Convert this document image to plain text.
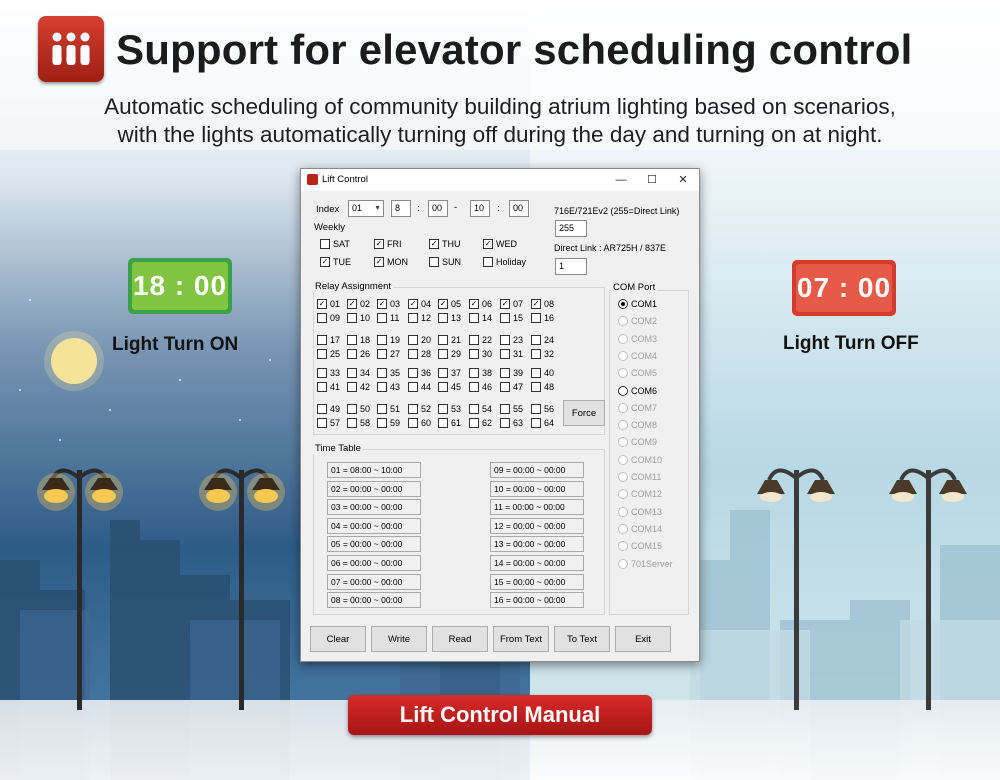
Support for elevator scheduling control
Automatic scheduling of community building atrium lighting based on scenarios,
with the lights automatically turning off during the day and turning on at night.
18 : 00
Light Turn ON
07 : 00
Light Turn OFF
Lift Control	—	☐	✕
Index	01 ▼	8	:	00	-	10	:	00	716E/721Ev2 (255=Direct Link)
255
Direct Link : AR725H / 837E
1
Weekly
Relay Assignment
Force
Time Table
COM Port
SAT	✓ FRI	✓ THU	✓ WED
✓ TUE	✓ MON	SUN	Holiday
✓ 01 ✓ 02 ✓ 03 ✓ 04 ✓ 05 ✓ 06 ✓ 07 ✓ 08
09 10 11 12 13 14 15 16
17 18 19 20 21 22 23 24
25 26 27 28 29 30 31 32
33 34 35 36 37 38 39 40
41 42 43 44 45 46 47 48
49 50 51 52 53 54 55 56
57 58 59 60 61 62 63 64
01 = 08:00 ~ 10:00
02 = 00:00 ~ 00:00
03 = 00:00 ~ 00:00
04 = 00:00 ~ 00:00
05 = 00:00 ~ 00:00
06 = 00:00 ~ 00:00
07 = 00:00 ~ 00:00
08 = 00:00 ~ 00:00
09 = 00:00 ~ 00:00
10 = 00:00 ~ 00:00
11 = 00:00 ~ 00:00
12 = 00:00 ~ 00:00
13 = 00:00 ~ 00:00
14 = 00:00 ~ 00:00
15 = 00:00 ~ 00:00
16 = 00:00 ~ 00:00
COM1
COM2
COM3
COM4
COM5
COM6
COM7
COM8
COM9
COM10
COM11
COM12
COM13
COM14
COM15
701Server
Clear	Write	Read	From Text	To Text	Exit
Lift Control Manual
